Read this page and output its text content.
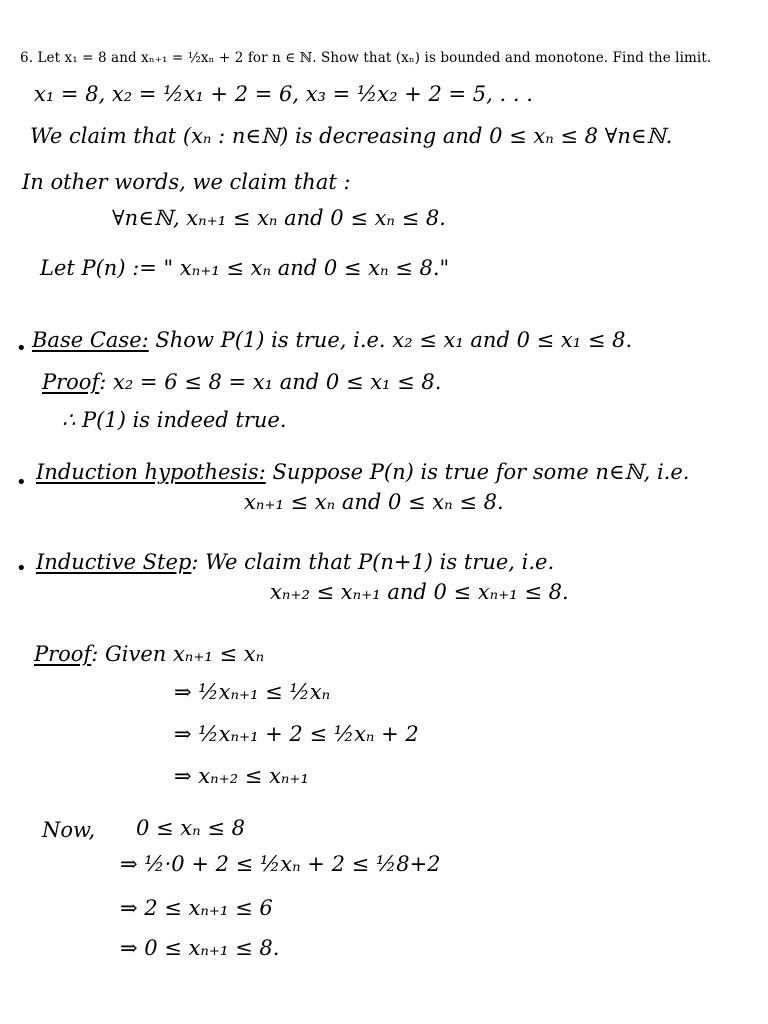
6. Let x₁ = 8 and xₙ₊₁ = ½xₙ + 2 for n ∈ ℕ. Show that (xₙ) is bounded and monotone. Find the limit.
x₁ = 8, x₂ = ½x₁ + 2 = 6, x₃ = ½x₂ + 2 = 5, . . .
We claim that (xₙ : n∈ℕ) is decreasing and 0 ≤ xₙ ≤ 8 ∀n∈ℕ.
In other words, we claim that :
∀n∈ℕ, xₙ₊₁ ≤ xₙ and 0 ≤ xₙ ≤ 8.
Let P(n) := " xₙ₊₁ ≤ xₙ and 0 ≤ xₙ ≤ 8."
• Base Case: Show P(1) is true, i.e. x₂ ≤ x₁ and 0 ≤ x₁ ≤ 8.
Proof: x₂ = 6 ≤ 8 = x₁ and 0 ≤ x₁ ≤ 8.
∴ P(1) is indeed true.
• Induction hypothesis: Suppose P(n) is true for some n∈ℕ, i.e.
xₙ₊₁ ≤ xₙ and 0 ≤ xₙ ≤ 8.
• Inductive Step: We claim that P(n+1) is true, i.e.
xₙ₊₂ ≤ xₙ₊₁ and 0 ≤ xₙ₊₁ ≤ 8.
Proof: Given xₙ₊₁ ≤ xₙ
⇒ ½xₙ₊₁ ≤ ½xₙ
⇒ ½xₙ₊₁ + 2 ≤ ½xₙ + 2
⇒ xₙ₊₂ ≤ xₙ₊₁
Now, 0 ≤ xₙ ≤ 8
⇒ ½·0 + 2 ≤ ½xₙ + 2 ≤ ½8+2
⇒ 2 ≤ xₙ₊₁ ≤ 6
⇒ 0 ≤ xₙ₊₁ ≤ 8.
